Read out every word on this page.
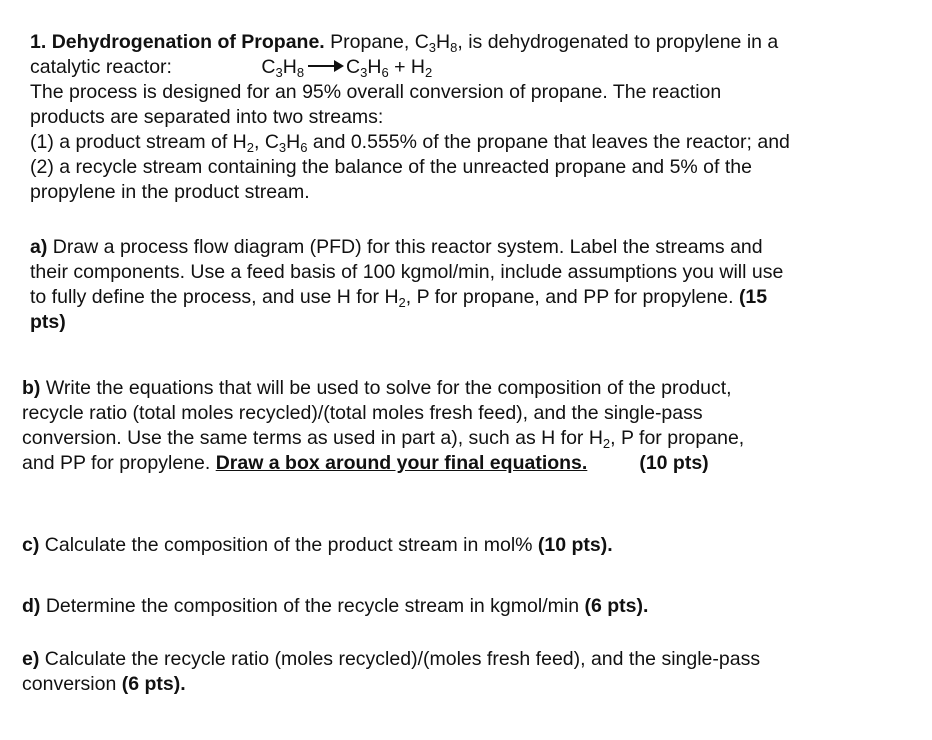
1. Dehydrogenation of Propane. Propane, $C_3H_8$, is dehydrogenated to propylene in a
catalytic reactor:	$C_3H_8 \to C_3H_6 + H_2$
The process is designed for an 95% overall conversion of propane. The reaction
products are separated into two streams:
(1) a product stream of $H_2$, $C_3H_6$ and 0.555% of the propane that leaves the reactor; and
(2) a recycle stream containing the balance of the unreacted propane and 5% of the
propylene in the product stream.
a) Draw a process flow diagram (PFD) for this reactor system. Label the streams and
their components. Use a feed basis of 100 kgmol/min, include assumptions you will use
to fully define the process, and use H for $H_2$, P for propane, and PP for propylene. (15
pts)
b) Write the equations that will be used to solve for the composition of the product,
recycle ratio (total moles recycled)/(total moles fresh feed), and the single-pass
conversion. Use the same terms as used in part a), such as H for $H_2$, P for propane,
and PP for propylene. Draw a box around your final equations.	(10 pts)
c) Calculate the composition of the product stream in mol% (10 pts).
d) Determine the composition of the recycle stream in kgmol/min (6 pts).
e) Calculate the recycle ratio (moles recycled)/(moles fresh feed), and the single-pass
conversion (6 pts).
